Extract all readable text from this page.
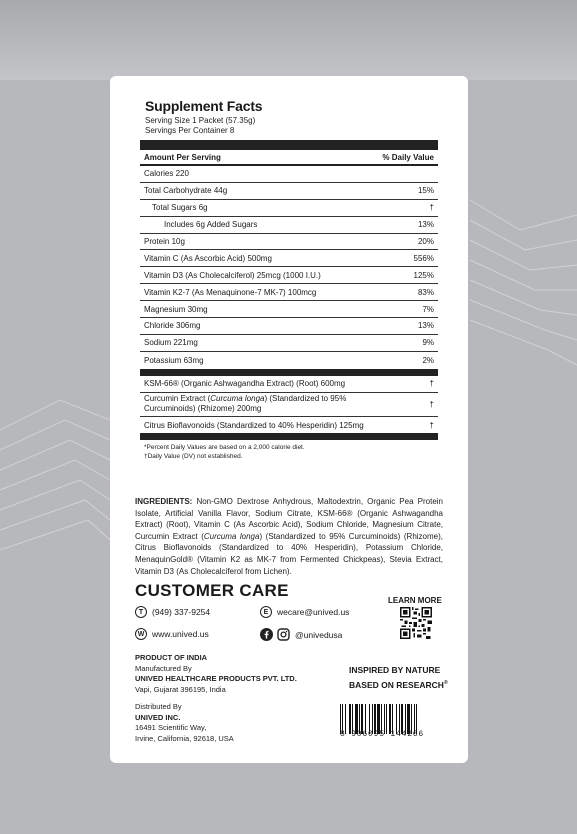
Supplement Facts
Serving Size 1 Packet (57.35g)
Servings Per Container 8
Amount Per Serving	% Daily Value
Calories 220
Total Carbohydrate 44g	15%
Total Sugars 6g	†
Includes 6g Added Sugars	13%
Protein 10g	20%
Vitamin C (As Ascorbic Acid) 500mg	556%
Vitamin D3 (As Cholecalciferol) 25mcg (1000 I.U.)	125%
Vitamin K2-7 (As Menaquinone-7 MK-7) 100mcg	83%
Magnesium 30mg	7%
Chloride 306mg	13%
Sodium 221mg	9%
Potassium 63mg	2%
KSM-66® (Organic Ashwagandha Extract) (Root) 600mg	†
Curcumin Extract (Curcuma longa) (Standardized to 95% Curcuminoids) (Rhizome) 200mg	†
Citrus Bioflavonoids (Standardized to 40% Hesperidin) 125mg	†
*Percent Daily Values are based on a 2,000 calorie diet.
†Daily Value (DV) not established.
INGREDIENTS: Non-GMO Dextrose Anhydrous, Maltodextrin, Organic Pea Protein Isolate, Artificial Vanilla Flavor, Sodium Citrate, KSM-66® (Organic Ashwagandha Extract) (Root), Vitamin C (As Ascorbic Acid), Sodium Chloride, Magnesium Citrate, Curcumin Extract (Curcuma longa) (Standardized to 95% Curcuminoids) (Rhizome), Citrus Bioflavonoids (Standardized to 40% Hesperidin), Potassium Chloride, MenaquinGold® (Vitamin K2 as MK-7 from Fermented Chickpeas), Stevia Extract, Vitamin D3 (As Cholecalciferol from Lichen).
CUSTOMER CARE
T	(949) 337-9254	E	wecare@unived.us
W www.unived.us	@univedusa
LEARN MORE
PRODUCT OF INDIA
Manufactured By
UNIVED HEALTHCARE PRODUCTS PVT. LTD.
Vapi, Gujarat 396195, India
Distributed By
UNIVED INC.
16491 Scientific Way,
Irvine, California, 92618, USA
INSPIRED BY NATURE
BASED ON RESEARCH®
8 906095 144266
